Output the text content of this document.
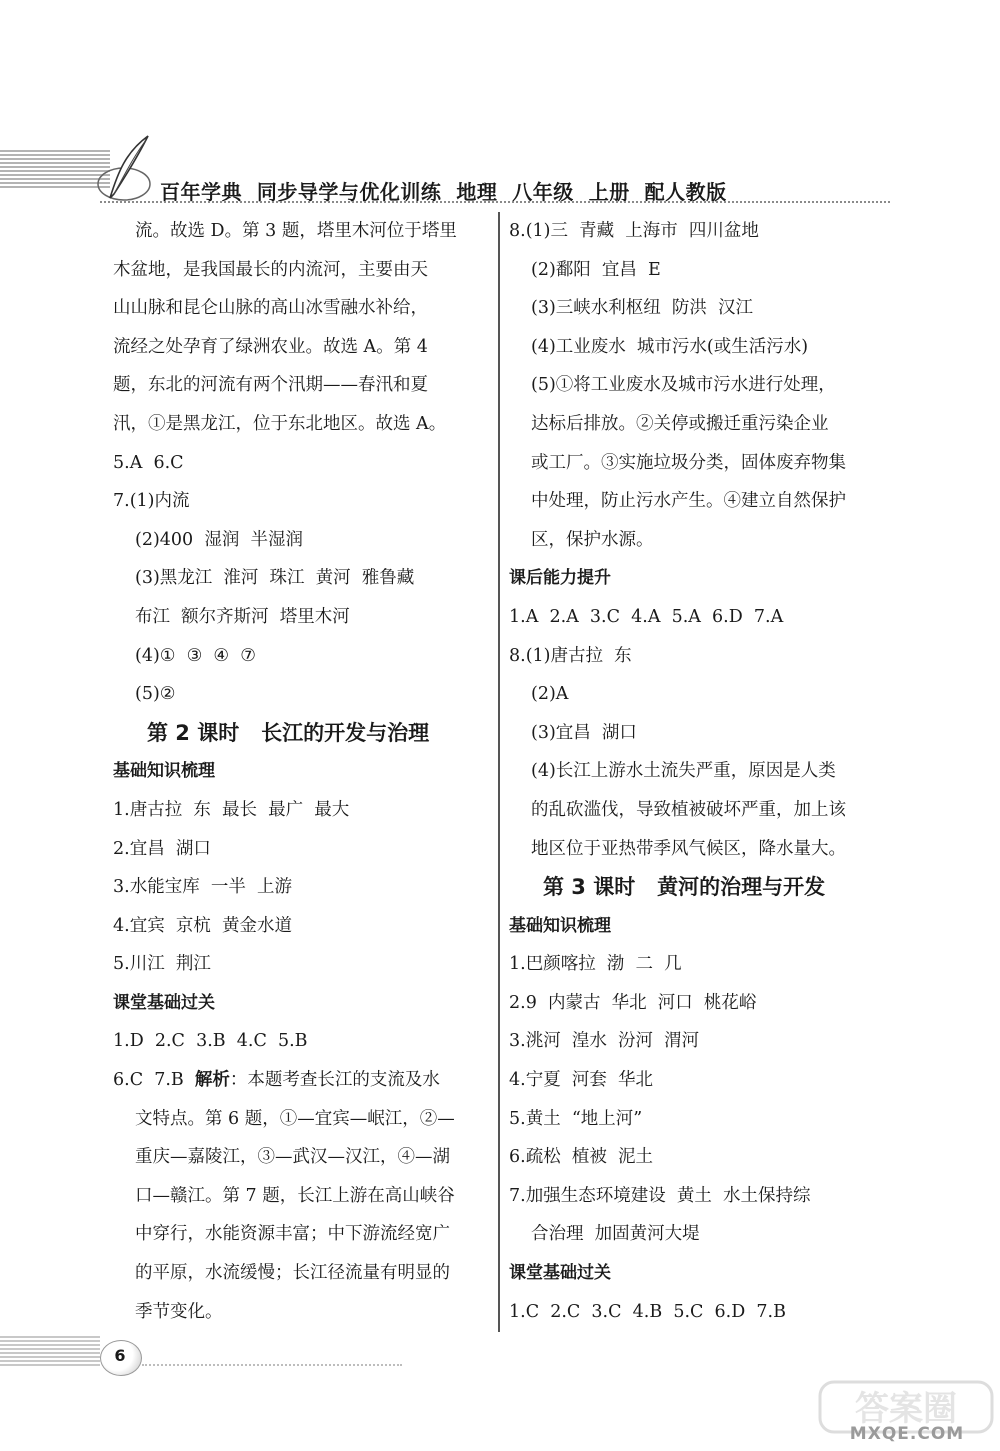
百年学典  同步导学与优化训练  地理  八年级  上册  配人教版
流。故选 D。第 3 题，塔里木河位于塔里
木盆地，是我国最长的内流河，主要由天
山山脉和昆仑山脉的高山冰雪融水补给，
流经之处孕育了绿洲农业。故选 A。第 4
题，东北的河流有两个汛期——春汛和夏
汛，①是黑龙江，位于东北地区。故选 A。
5.A  6.C
7.(1)内流
(2)400  湿润  半湿润
(3)黑龙江  淮河  珠江  黄河  雅鲁藏
布江  额尔齐斯河  塔里木河
(4)①  ③  ④  ⑦
(5)②
第 2 课时   长江的开发与治理
基础知识梳理
1.唐古拉  东  最长  最广  最大
2.宜昌  湖口
3.水能宝库  一半  上游
4.宜宾  京杭  黄金水道
5.川江  荆江
课堂基础过关
1.D  2.C  3.B  4.C  5.B
6.C  7.B  解析：本题考查长江的支流及水
文特点。第 6 题，①—宜宾—岷江，②—
重庆—嘉陵江，③—武汉—汉江，④—湖
口—赣江。第 7 题，长江上游在高山峡谷
中穿行，水能资源丰富；中下游流经宽广
的平原，水流缓慢；长江径流量有明显的
季节变化。
8.(1)三  青藏  上海市  四川盆地
(2)鄱阳  宜昌  E
(3)三峡水利枢纽  防洪  汉江
(4)工业废水  城市污水(或生活污水)
(5)①将工业废水及城市污水进行处理，
达标后排放。②关停或搬迁重污染企业
或工厂。③实施垃圾分类，固体废弃物集
中处理，防止污水产生。④建立自然保护
区，保护水源。
课后能力提升
1.A  2.A  3.C  4.A  5.A  6.D  7.A
8.(1)唐古拉  东
(2)A
(3)宜昌  湖口
(4)长江上游水土流失严重，原因是人类
的乱砍滥伐，导致植被破坏严重，加上该
地区位于亚热带季风气候区，降水量大。
第 3 课时   黄河的治理与开发
基础知识梳理
1.巴颜喀拉  渤  二  几
2.9  内蒙古  华北  河口  桃花峪
3.洮河  湟水  汾河  渭河
4.宁夏  河套  华北
5.黄土  “地上河”
6.疏松  植被  泥土
7.加强生态环境建设  黄土  水土保持综
合治理  加固黄河大堤
课堂基础过关
1.C  2.C  3.C  4.B  5.C  6.D  7.B
6
答案圈
MXQE.COM
